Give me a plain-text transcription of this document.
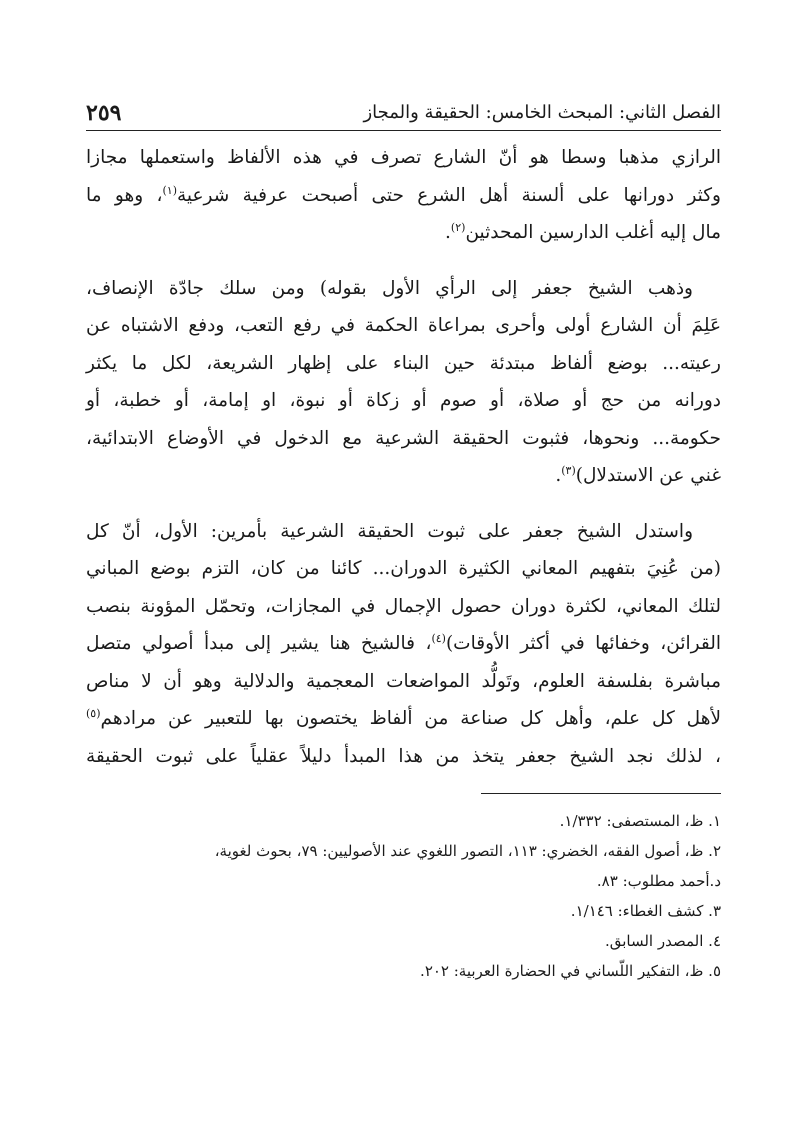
الفصل الثاني: المبحث الخامس: الحقيقة والمجاز
٢٥٩

الرازي مذهبا وسطا هو أنّ الشارع تصرف في هذه الألفاظ واستعملها مجازا
وكثر دورانها على ألسنة أهل الشرع حتى أصبحت عرفية شرعية$^{(١)}$، وهو ما
مال إليه أغلب الدارسين المحدثين$^{(٢)}$.

وذهب الشيخ جعفر إلى الرأي الأول بقوله) ومن سلك جادّة الإنصاف،
عَلِمَ أن الشارع أولى وأحرى بمراعاة الحكمة في رفع التعب، ودفع الاشتباه عن
رعيته... بوضع ألفاظ مبتدئة حين البناء على إظهار الشريعة، لكل ما يكثر
دورانه من حج أو صلاة، أو صوم أو زكاة أو نبوة، او إمامة، أو خطبة، أو
حكومة... ونحوها، فثبوت الحقيقة الشرعية مع الدخول في الأوضاع الابتدائية،
غني عن الاستدلال)$^{(٣)}$.

واستدل الشيخ جعفر على ثبوت الحقيقة الشرعية بأمرين: الأول، أنّ كل
(من عُنِيَ بتفهيم المعاني الكثيرة الدوران... كائنا من كان، التزم بوضع المباني
لتلك المعاني، لكثرة دوران حصول الإجمال في المجازات، وتحمّل المؤونة بنصب
القرائن، وخفائها في أكثر الأوقات)$^{(٤)}$، فالشيخ هنا يشير إلى مبدأ أصولي متصل
مباشرة بفلسفة العلوم، وتَولُّد المواضعات المعجمية والدلالية وهو أن لا مناص
لأهل كل علم، وأهل كل صناعة من ألفاظ يختصون بها للتعبير عن مرادهم$^{(٥)}$
، لذلك نجد الشيخ جعفر يتخذ من هذا المبدأ دليلاً عقلياً على ثبوت الحقيقة

١. ظ، المستصفى: ١/٣٣٢.
٢. ظ، أصول الفقه، الخضري: ١١٣، التصور اللغوي عند الأصوليين: ٧٩، بحوث لغوية،
د.أحمد مطلوب: ٨٣.
٣. كشف الغطاء: ١/١٤٦.
٤. المصدر السابق.
٥. ظ، التفكير اللّساني في الحضارة العربية: ٢٠٢.
